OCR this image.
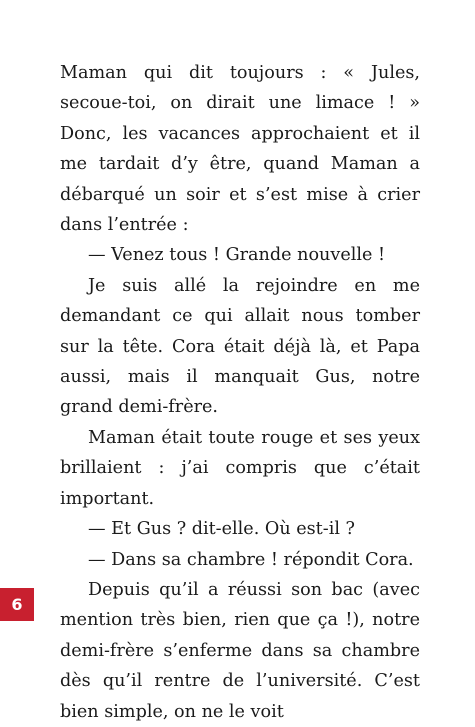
Maman qui dit toujours : « Jules, secoue-toi, on dirait une limace ! » Donc, les vacances approchaient et il me tardait d’y être, quand Maman a débarqué un soir et s’est mise à crier dans l’entrée :

— Venez tous ! Grande nouvelle !

Je suis allé la rejoindre en me demandant ce qui allait nous tomber sur la tête. Cora était déjà là, et Papa aussi, mais il manquait Gus, notre grand demi-frère.

Maman était toute rouge et ses yeux brillaient : j’ai compris que c’était important.

— Et Gus ? dit-elle. Où est-il ?

— Dans sa chambre ! répondit Cora.

Depuis qu’il a réussi son bac (avec mention très bien, rien que ça !), notre demi-frère s’enferme dans sa chambre dès qu’il rentre de l’université. C’est bien simple, on ne le voit

6
